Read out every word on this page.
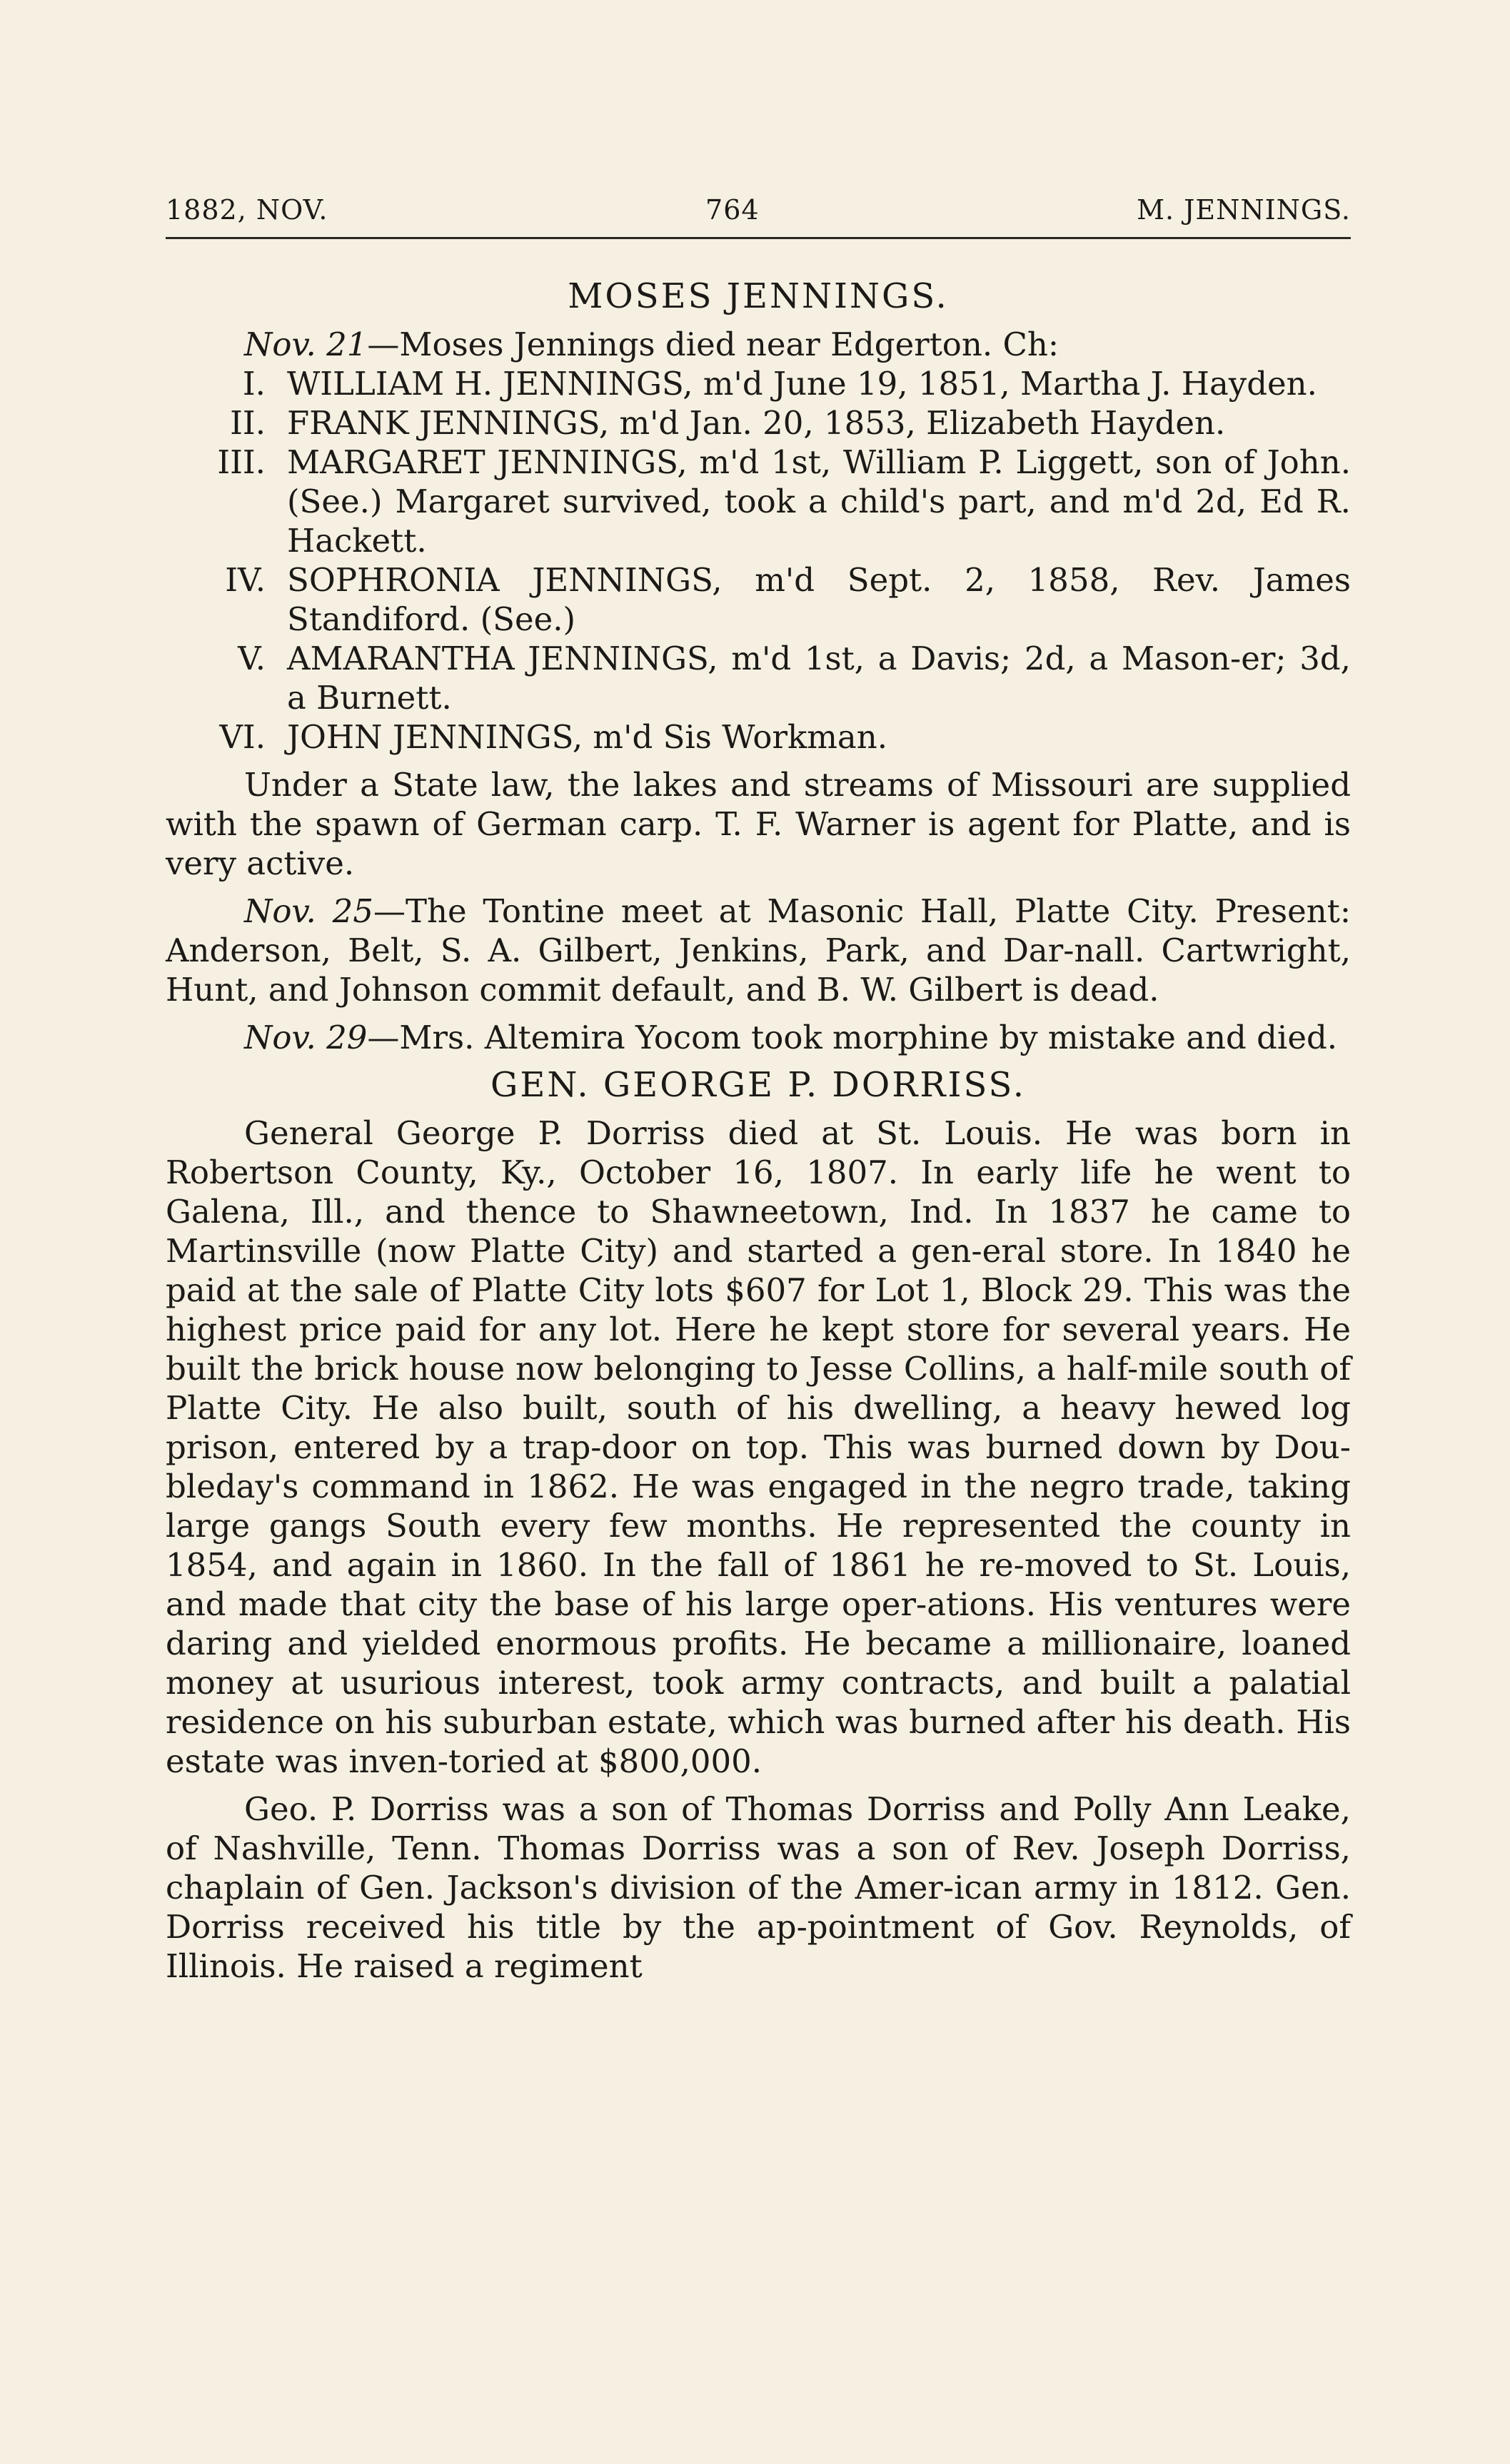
1882, NOV.	764	M. JENNINGS.
MOSES JENNINGS.

Nov. 21—Moses Jennings died near Edgerton. Ch:

I. WILLIAM H. JENNINGS, m'd June 19, 1851, Martha J. Hayden.
II. FRANK JENNINGS, m'd Jan. 20, 1853, Elizabeth Hayden.
III. MARGARET JENNINGS, m'd 1st, William P. Liggett, son of John. (See.) Margaret survived, took a child's part, and m'd 2d, Ed R. Hackett.
IV. SOPHRONIA JENNINGS, m'd Sept. 2, 1858, Rev. James Standiford. (See.)
V. AMARANTHA JENNINGS, m'd 1st, a Davis; 2d, a Mason-er; 3d, a Burnett.
VI. JOHN JENNINGS, m'd Sis Workman.

Under a State law, the lakes and streams of Missouri are supplied with the spawn of German carp. T. F. Warner is agent for Platte, and is very active.

Nov. 25—The Tontine meet at Masonic Hall, Platte City. Present: Anderson, Belt, S. A. Gilbert, Jenkins, Park, and Dar-nall. Cartwright, Hunt, and Johnson commit default, and B. W. Gilbert is dead.

Nov. 29—Mrs. Altemira Yocom took morphine by mistake and died.

GEN. GEORGE P. DORRISS.

General George P. Dorriss died at St. Louis. He was born in Robertson County, Ky., October 16, 1807. In early life he went to Galena, Ill., and thence to Shawneetown, Ind. In 1837 he came to Martinsville (now Platte City) and started a gen-eral store. In 1840 he paid at the sale of Platte City lots $607 for Lot 1, Block 29. This was the highest price paid for any lot. Here he kept store for several years. He built the brick house now belonging to Jesse Collins, a half-mile south of Platte City. He also built, south of his dwelling, a heavy hewed log prison, entered by a trap-door on top. This was burned down by Dou-bleday's command in 1862. He was engaged in the negro trade, taking large gangs South every few months. He represented the county in 1854, and again in 1860. In the fall of 1861 he re-moved to St. Louis, and made that city the base of his large oper-ations. His ventures were daring and yielded enormous profits. He became a millionaire, loaned money at usurious interest, took army contracts, and built a palatial residence on his suburban estate, which was burned after his death. His estate was inven-toried at $800,000.

Geo. P. Dorriss was a son of Thomas Dorriss and Polly Ann Leake, of Nashville, Tenn. Thomas Dorriss was a son of Rev. Joseph Dorriss, chaplain of Gen. Jackson's division of the Amer-ican army in 1812. Gen. Dorriss received his title by the ap-pointment of Gov. Reynolds, of Illinois. He raised a regiment
